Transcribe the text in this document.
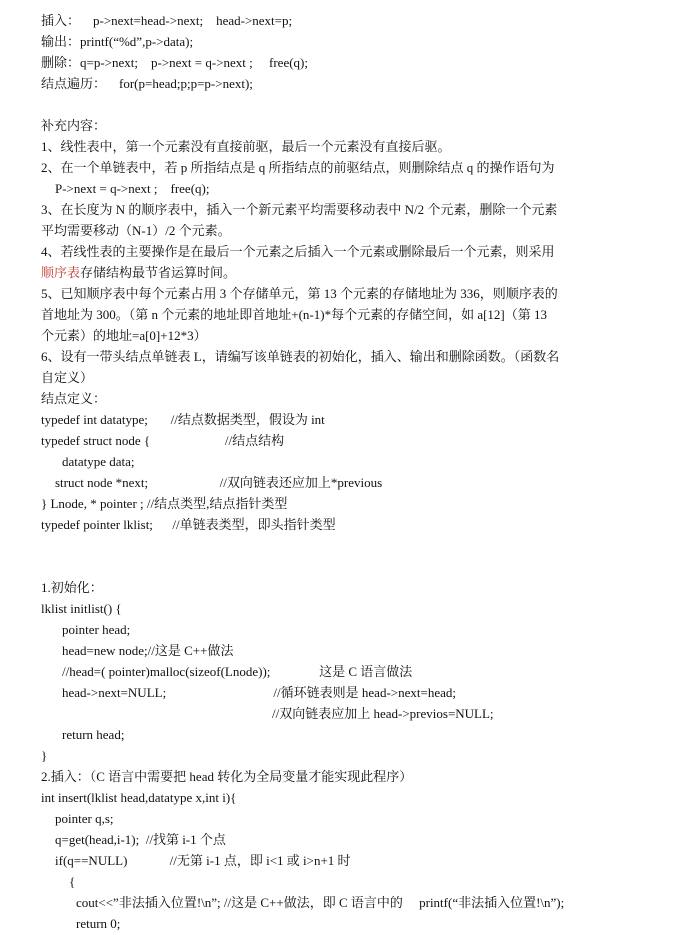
插入：    p->next=head->next;    head->next=p;
输出：printf(“%d”,p->data);
删除：q=p->next;    p->next = q->next ;     free(q);
结点遍历：    for(p=head;p;p=p->next);
补充内容：
1、线性表中，第一个元素没有直接前驱，最后一个元素没有直接后驱。
2、在一个单链表中，若 p 所指结点是 q 所指结点的前驱结点，则删除结点 q 的操作语句为
P->next = q->next ;    free(q);
3、在长度为 N 的顺序表中，插入一个新元素平均需要移动表中 N/2 个元素，删除一个元素
平均需要移动（N-1）/2 个元素。
4、若线性表的主要操作是在最后一个元素之后插入一个元素或删除最后一个元素，则采用
顺序表存储结构最节省运算时间。
5、已知顺序表中每个元素占用 3 个存储单元，第 13 个元素的存储地址为 336，则顺序表的
首地址为 300。（第 n 个元素的地址即首地址+(n-1)*每个元素的存储空间，如 a[12]（第 13
个元素）的地址=a[0]+12*3）
6、设有一带头结点单链表 L，请编写该单链表的初始化，插入、输出和删除函数。（函数名
自定义）
结点定义：
typedef int datatype;       //结点数据类型，假设为 int
typedef struct node {                       //结点结构
datatype data;
struct node *next;                      //双向链表还应加上*previous
} Lnode, * pointer ; //结点类型,结点指针类型
typedef pointer lklist;      //单链表类型，即头指针类型
1.初始化：
lklist initlist() {
pointer head;
head=new node;//这是 C++做法
//head=( pointer)malloc(sizeof(Lnode));               这是 C 语言做法
head->next=NULL;                                 //循环链表则是 head->next=head;
//双向链表应加上 head->previos=NULL;
return head;
}
2.插入：（C 语言中需要把 head 转化为全局变量才能实现此程序）
int insert(lklist head,datatype x,int i){
pointer q,s;
q=get(head,i-1);  //找第 i-1 个点
if(q==NULL)             //无第 i-1 点，即 i<1 或 i>n+1 时
{
cout<<”非法插入位置!\n”; //这是 C++做法，即 C 语言中的     printf(“非法插入位置!\n”);
return 0;
